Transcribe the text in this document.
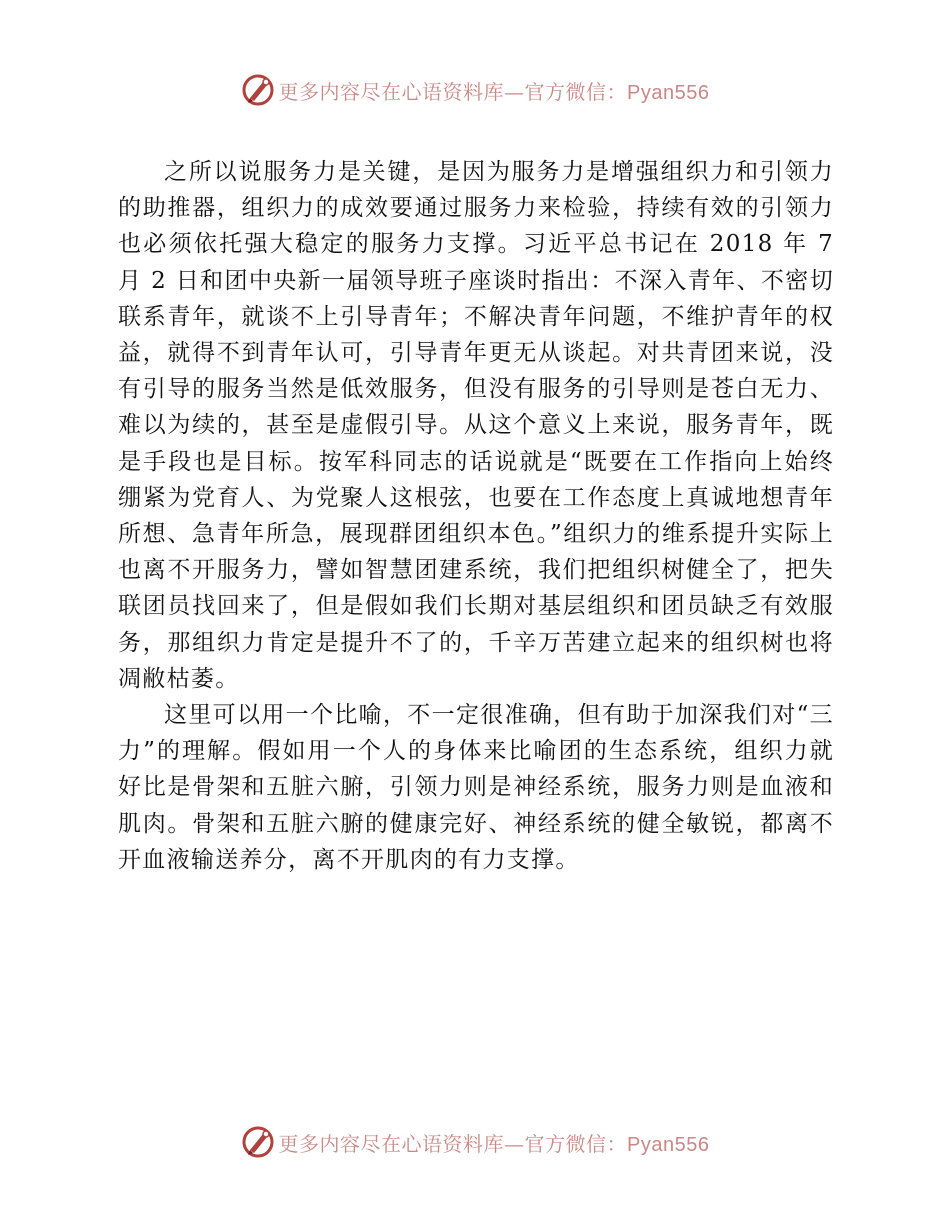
更多内容尽在心语资料库—官方微信：Pyan556

之所以说服务力是关键，是因为服务力是增强组织力和引领力的助推器，组织力的成效要通过服务力来检验，持续有效的引领力也必须依托强大稳定的服务力支撑。习近平总书记在 2018 年 7 月 2 日和团中央新一届领导班子座谈时指出：不深入青年、不密切联系青年，就谈不上引导青年；不解决青年问题，不维护青年的权益，就得不到青年认可，引导青年更无从谈起。对共青团来说，没有引导的服务当然是低效服务，但没有服务的引导则是苍白无力、难以为续的，甚至是虚假引导。从这个意义上来说，服务青年，既是手段也是目标。按军科同志的话说就是“既要在工作指向上始终绷紧为党育人、为党聚人这根弦，也要在工作态度上真诚地想青年所想、急青年所急，展现群团组织本色。”组织力的维系提升实际上也离不开服务力，譬如智慧团建系统，我们把组织树健全了，把失联团员找回来了，但是假如我们长期对基层组织和团员缺乏有效服务，那组织力肯定是提升不了的，千辛万苦建立起来的组织树也将凋敝枯萎。

这里可以用一个比喻，不一定很准确，但有助于加深我们对“三力”的理解。假如用一个人的身体来比喻团的生态系统，组织力就好比是骨架和五脏六腑，引领力则是神经系统，服务力则是血液和肌肉。骨架和五脏六腑的健康完好、神经系统的健全敏锐，都离不开血液输送养分，离不开肌肉的有力支撑。

更多内容尽在心语资料库—官方微信：Pyan556
